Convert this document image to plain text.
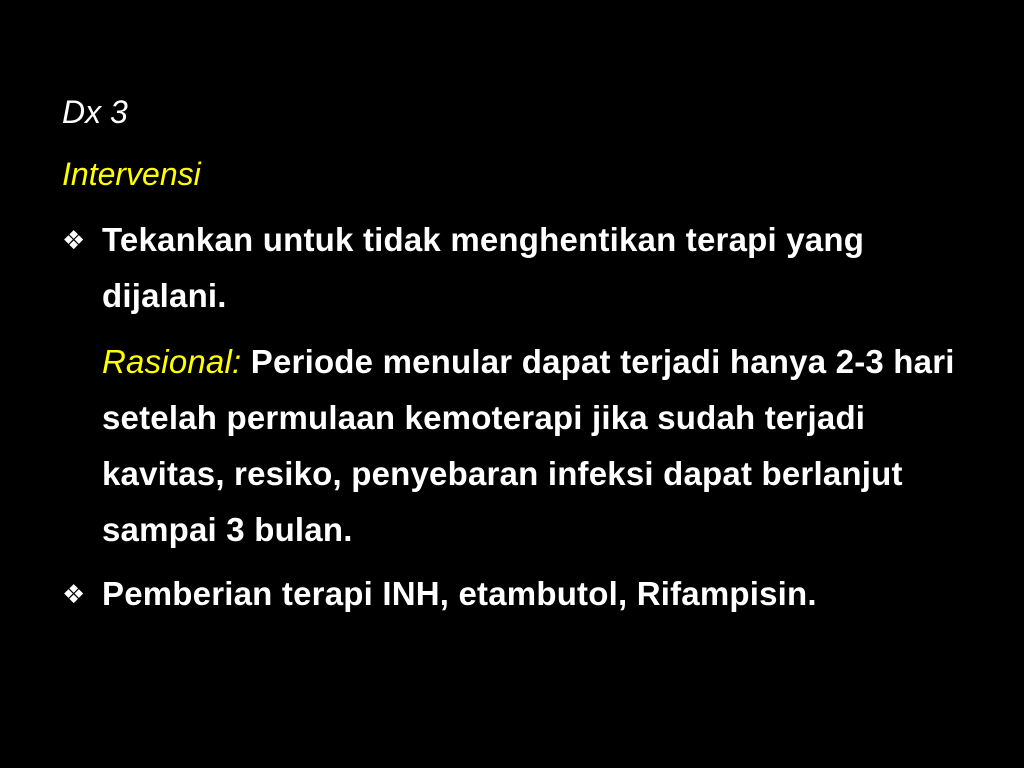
Dx 3

Intervensi

❖ Tekankan untuk tidak menghentikan terapi yang dijalani.
Rasional: Periode menular dapat terjadi hanya 2-3 hari setelah permulaan kemoterapi jika sudah terjadi kavitas, resiko, penyebaran infeksi dapat berlanjut sampai 3 bulan.
❖ Pemberian terapi INH, etambutol, Rifampisin.
